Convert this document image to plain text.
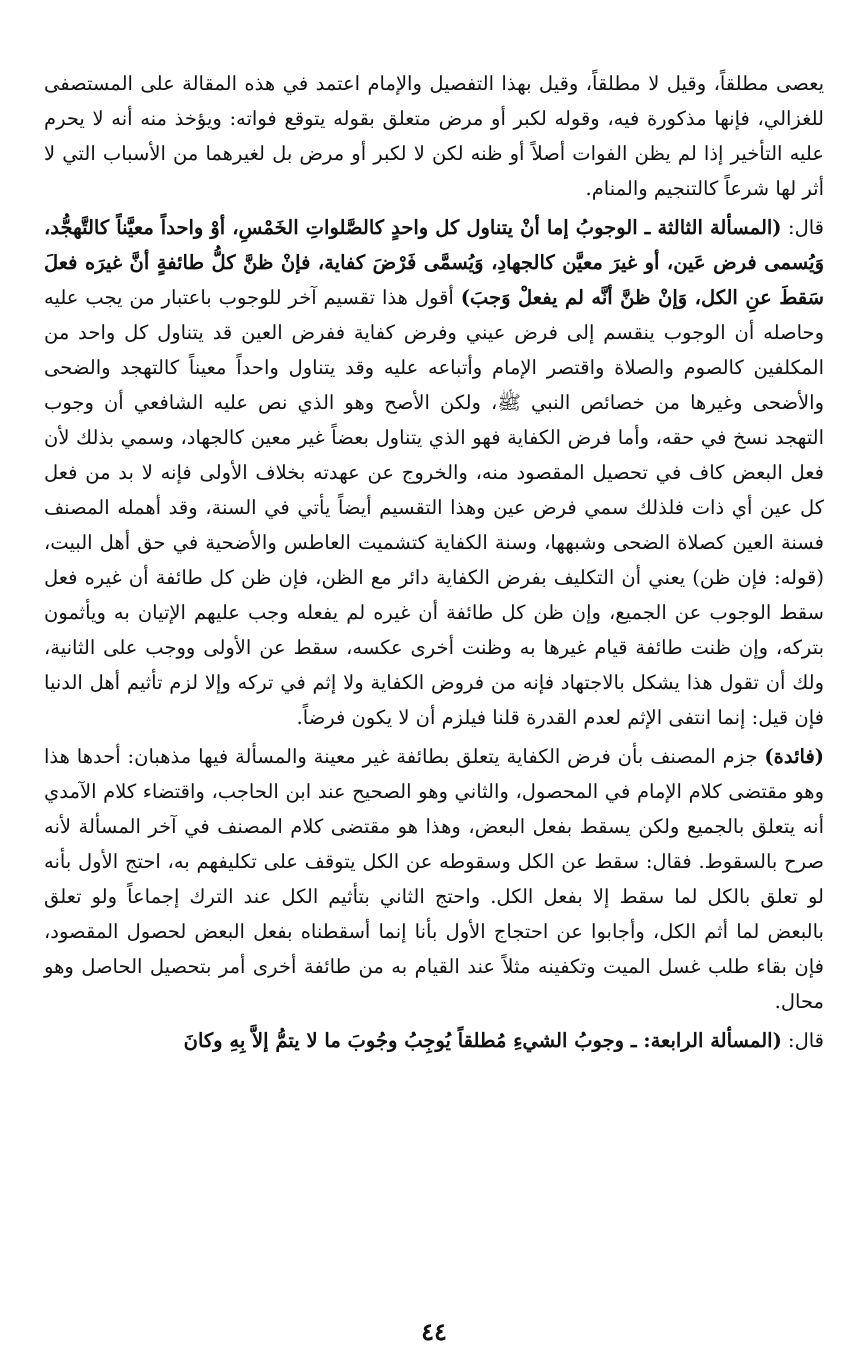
يعصى مطلقاً، وقيل لا مطلقاً، وقيل بهذا التفصيل والإمام اعتمد في هذه المقالة على المستصفى للغزالي، فإنها مذكورة فيه، وقوله لكبر أو مرض متعلق بقوله يتوقع فواته: ويؤخذ منه أنه لا يحرم عليه التأخير إذا لم يظن الفوات أصلاً أو ظنه لكن لا لكبر أو مرض بل لغيرهما من الأسباب التي لا أثر لها شرعاً كالتنجيم والمنام.

قال: (المسألة الثالثة ـ الوجوبُ إما أنْ يتناول كل واحدٍ كالصَّلواتِ الخَمْسِ، أوْ واحداً معيَّناً كالتَّهجُّد، وَيُسمى فرض عَين، أو غيرَ معيَّن كالجهادِ، وَيُسمَّى فَرْضَ كفاية، فإنْ ظنَّ كلُّ طائفةٍ أنَّ غيرَه فعلَ سَقطَ عنِ الكل، وَإنْ ظنَّ أنَّه لم يفعلْ وَجبَ) أقول هذا تقسيم آخر للوجوب باعتبار من يجب عليه وحاصله أن الوجوب ينقسم إلى فرض عيني وفرض كفاية ففرض العين قد يتناول كل واحد من المكلفين كالصوم والصلاة واقتصر الإمام وأتباعه عليه وقد يتناول واحداً معيناً كالتهجد والضحى والأضحى وغيرها من خصائص النبي ﷺ، ولكن الأصح وهو الذي نص عليه الشافعي أن وجوب التهجد نسخ في حقه، وأما فرض الكفاية فهو الذي يتناول بعضاً غير معين كالجهاد، وسمي بذلك لأن فعل البعض كاف في تحصيل المقصود منه، والخروج عن عهدته بخلاف الأولى فإنه لا بد من فعل كل عين أي ذات فلذلك سمي فرض عين وهذا التقسيم أيضاً يأتي في السنة، وقد أهمله المصنف فسنة العين كصلاة الضحى وشبهها، وسنة الكفاية كتشميت العاطس والأضحية في حق أهل البيت، (قوله: فإن ظن) يعني أن التكليف بفرض الكفاية دائر مع الظن، فإن ظن كل طائفة أن غيره فعل سقط الوجوب عن الجميع، وإن ظن كل طائفة أن غيره لم يفعله وجب عليهم الإتيان به ويأثمون بتركه، وإن ظنت طائفة قيام غيرها به وظنت أخرى عكسه، سقط عن الأولى ووجب على الثانية، ولك أن تقول هذا يشكل بالاجتهاد فإنه من فروض الكفاية ولا إثم في تركه وإلا لزم تأثيم أهل الدنيا فإن قيل: إنما انتفى الإثم لعدم القدرة قلنا فيلزم أن لا يكون فرضاً.

(فائدة) جزم المصنف بأن فرض الكفاية يتعلق بطائفة غير معينة والمسألة فيها مذهبان: أحدها هذا وهو مقتضى كلام الإمام في المحصول، والثاني وهو الصحيح عند ابن الحاجب، واقتضاء كلام الآمدي أنه يتعلق بالجميع ولكن يسقط بفعل البعض، وهذا هو مقتضى كلام المصنف في آخر المسألة لأنه صرح بالسقوط. فقال: سقط عن الكل وسقوطه عن الكل يتوقف على تكليفهم به، احتج الأول بأنه لو تعلق بالكل لما سقط إلا بفعل الكل. واحتج الثاني بتأثيم الكل عند الترك إجماعاً ولو تعلق بالبعض لما أثم الكل، وأجابوا عن احتجاج الأول بأنا إنما أسقطناه بفعل البعض لحصول المقصود، فإن بقاء طلب غسل الميت وتكفينه مثلاً عند القيام به من طائفة أخرى أمر بتحصيل الحاصل وهو محال.

قال: (المسألة الرابعة: ـ وجوبُ الشيءِ مُطلقاً يُوجِبُ وجُوبَ ما لا يتمُّ إلاَّ بِهِ وكانَ

٤٤
